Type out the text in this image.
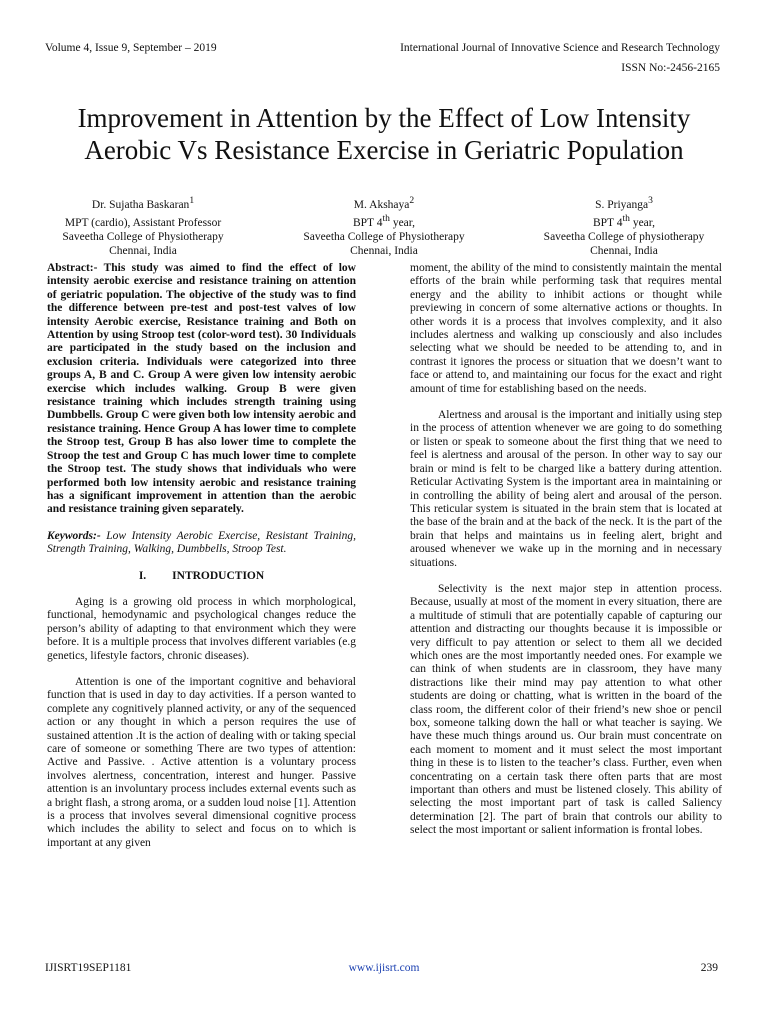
Volume 4, Issue 9, September – 2019	International Journal of Innovative Science and Research Technology
ISSN No:-2456-2165
Improvement in Attention by the Effect of Low Intensity Aerobic Vs Resistance Exercise in Geriatric Population
Dr. Sujatha Baskaran$^1$
MPT (cardio), Assistant Professor
Saveetha College of Physiotherapy
Chennai, India
M. Akshaya$^2$
BPT 4th year,
Saveetha College of Physiotherapy
Chennai, India
S. Priyanga$^3$
BPT 4th year,
Saveetha College of physiotherapy
Chennai, India

Abstract:- This study was aimed to find the effect of low intensity aerobic exercise and resistance training on attention of geriatric population. The objective of the study was to find the difference between pre-test and post-test valves of low intensity Aerobic exercise, Resistance training and Both on Attention by using Stroop test (color-word test). 30 Individuals are participated in the study based on the inclusion and exclusion criteria. Individuals were categorized into three groups A, B and C. Group A were given low intensity aerobic exercise which includes walking. Group B were given resistance training which includes strength training using Dumbbells. Group C were given both low intensity aerobic and resistance training. Hence Group A has lower time to complete the Stroop test, Group B has also lower time to complete the Stroop the test and Group C has much lower time to complete the Stroop test. The study shows that individuals who were performed both low intensity aerobic and resistance training has a significant improvement in attention than the aerobic and resistance training given separately.

Keywords:- Low Intensity Aerobic Exercise, Resistant Training, Strength Training, Walking, Dumbbells, Stroop Test.

I. INTRODUCTION

Aging is a growing old process in which morphological, functional, hemodynamic and psychological changes reduce the person’s ability of adapting to that environment which they were before. It is a multiple process that involves different variables (e.g genetics, lifestyle factors, chronic diseases).

Attention is one of the important cognitive and behavioral function that is used in day to day activities. If a person wanted to complete any cognitively planned activity, or any of the sequenced action or any thought in which a person requires the use of sustained attention .It is the action of dealing with or taking special care of someone or something There are two types of attention: Active and Passive. . Active attention is a voluntary process involves alertness, concentration, interest and hunger. Passive attention is an involuntary process includes external events such as a bright flash, a strong aroma, or a sudden loud noise [1]. Attention is a process that involves several dimensional cognitive process which includes the ability to select and focus on to which is important at any given

moment, the ability of the mind to consistently maintain the mental efforts of the brain while performing task that requires mental energy and the ability to inhibit actions or thought while previewing in concern of some alternative actions or thoughts. In other words it is a process that involves complexity, and it also includes alertness and walking up consciously and also includes selecting what we should be needed to be attending to, and in contrast it ignores the process or situation that we doesn’t want to face or attend to, and maintaining our focus for the exact and right amount of time for establishing based on the needs.

Alertness and arousal is the important and initially using step in the process of attention whenever we are going to do something or listen or speak to someone about the first thing that we need to feel is alertness and arousal of the person. In other way to say our brain or mind is felt to be charged like a battery during attention. Reticular Activating System is the important area in maintaining or in controlling the ability of being alert and arousal of the person. This reticular system is situated in the brain stem that is located at the base of the brain and at the back of the neck. It is the part of the brain that helps and maintains us in feeling alert, bright and aroused whenever we wake up in the morning and in necessary situations.

Selectivity is the next major step in attention process. Because, usually at most of the moment in every situation, there are a multitude of stimuli that are potentially capable of capturing our attention and distracting our thoughts because it is impossible or very difficult to pay attention or select to them all we decided which ones are the most importantly needed ones. For example we can think of when students are in classroom, they have many distractions like their mind may pay attention to what other students are doing or chatting, what is written in the board of the class room, the different color of their friend’s new shoe or pencil box, someone talking down the hall or what teacher is saying. We have these much things around us. Our brain must concentrate on each moment to moment and it must select the most important thing in these is to listen to the teacher’s class. Further, even when concentrating on a certain task there often parts that are most important than others and must be listened closely. This ability of selecting the most important part of task is called Saliency determination [2]. The part of brain that controls our ability to select the most important or salient information is frontal lobes.

IJISRT19SEP1181	www.ijisrt.com	239
